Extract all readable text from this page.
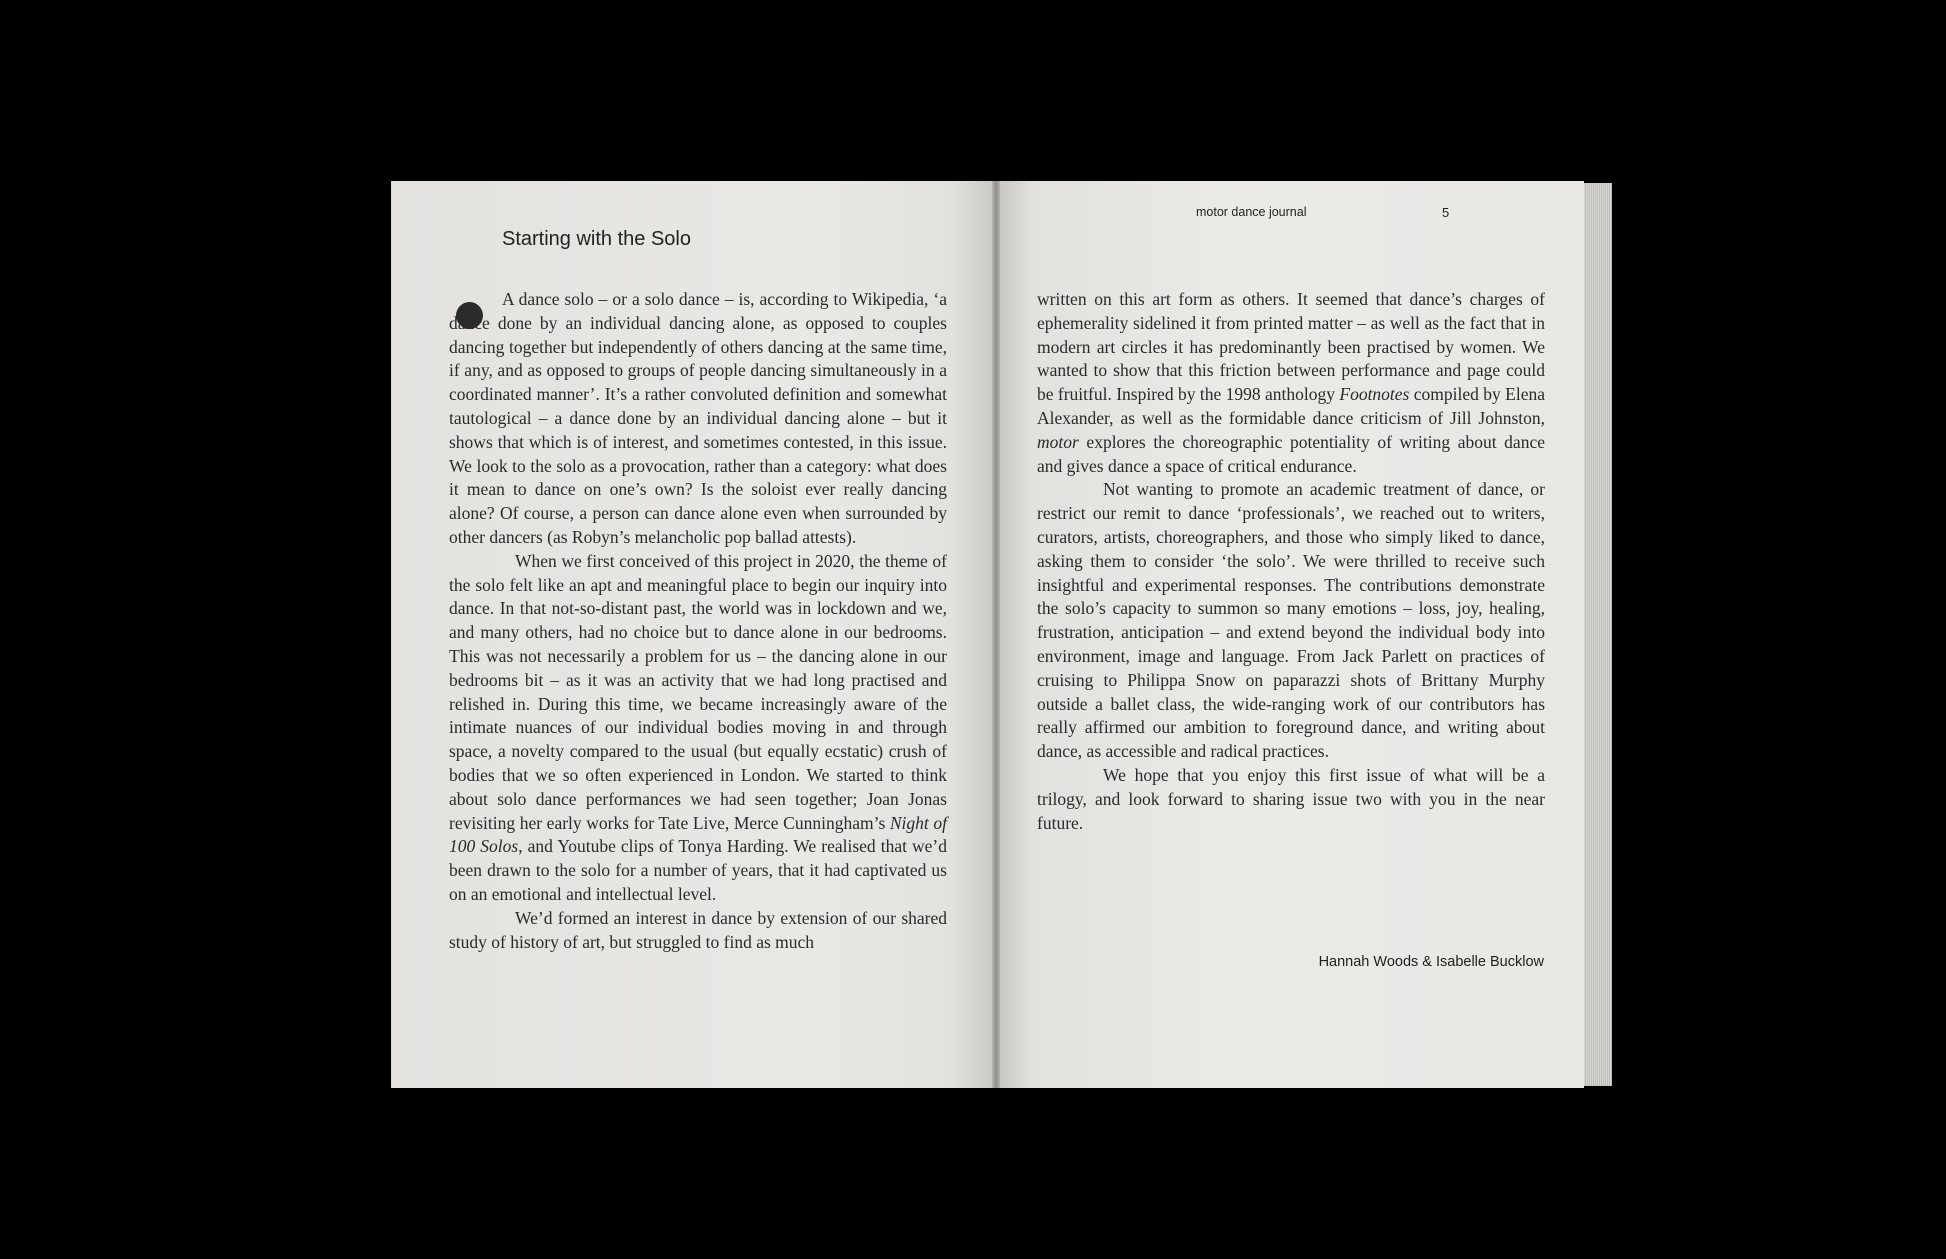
Starting with the Solo

A dance solo – or a solo dance – is, according to Wikipedia, ‘a dance done by an individual dancing alone, as opposed to couples dancing together but independently of others dancing at the same time, if any, and as opposed to groups of people dancing simultaneously in a coordinated manner’. It’s a rather convoluted definition and somewhat tautological – a dance done by an individual dancing alone – but it shows that which is of interest, and sometimes contested, in this issue. We look to the solo as a provocation, rather than a category: what does it mean to dance on one’s own? Is the soloist ever really dancing alone? Of course, a person can dance alone even when surrounded by other dancers (as Robyn’s melancholic pop ballad attests).

When we first conceived of this project in 2020, the theme of the solo felt like an apt and meaningful place to begin our inquiry into dance. In that not-so-distant past, the world was in lockdown and we, and many others, had no choice but to dance alone in our bedrooms. This was not necessarily a problem for us – the dancing alone in our bedrooms bit – as it was an activity that we had long practised and relished in. During this time, we became increasingly aware of the intimate nuances of our individual bodies moving in and through space, a novelty compared to the usual (but equally ecstatic) crush of bodies that we so often experienced in London. We started to think about solo dance performances we had seen together; Joan Jonas revisiting her early works for Tate Live, Merce Cunningham’s Night of 100 Solos, and Youtube clips of Tonya Harding. We realised that we’d been drawn to the solo for a number of years, that it had captivated us on an emotional and intellectual level.

We’d formed an interest in dance by extension of our shared study of history of art, but struggled to find as much

motor dance journal	5

written on this art form as others. It seemed that dance’s charges of ephemerality sidelined it from printed matter – as well as the fact that in modern art circles it has predominantly been practised by women. We wanted to show that this friction between performance and page could be fruitful. Inspired by the 1998 anthology Footnotes compiled by Elena Alexander, as well as the formidable dance criticism of Jill Johnston, motor explores the choreographic potentiality of writing about dance and gives dance a space of critical endurance.

Not wanting to promote an academic treatment of dance, or restrict our remit to dance ‘professionals’, we reached out to writers, curators, artists, choreographers, and those who simply liked to dance, asking them to consider ‘the solo’. We were thrilled to receive such insightful and experimental responses. The contributions demonstrate the solo’s capacity to summon so many emotions – loss, joy, healing, frustration, anticipation – and extend beyond the individual body into environment, image and language. From Jack Parlett on practices of cruising to Philippa Snow on paparazzi shots of Brittany Murphy outside a ballet class, the wide-ranging work of our contributors has really affirmed our ambition to foreground dance, and writing about dance, as accessible and radical practices.

We hope that you enjoy this first issue of what will be a trilogy, and look forward to sharing issue two with you in the near future.

Hannah Woods & Isabelle Bucklow
